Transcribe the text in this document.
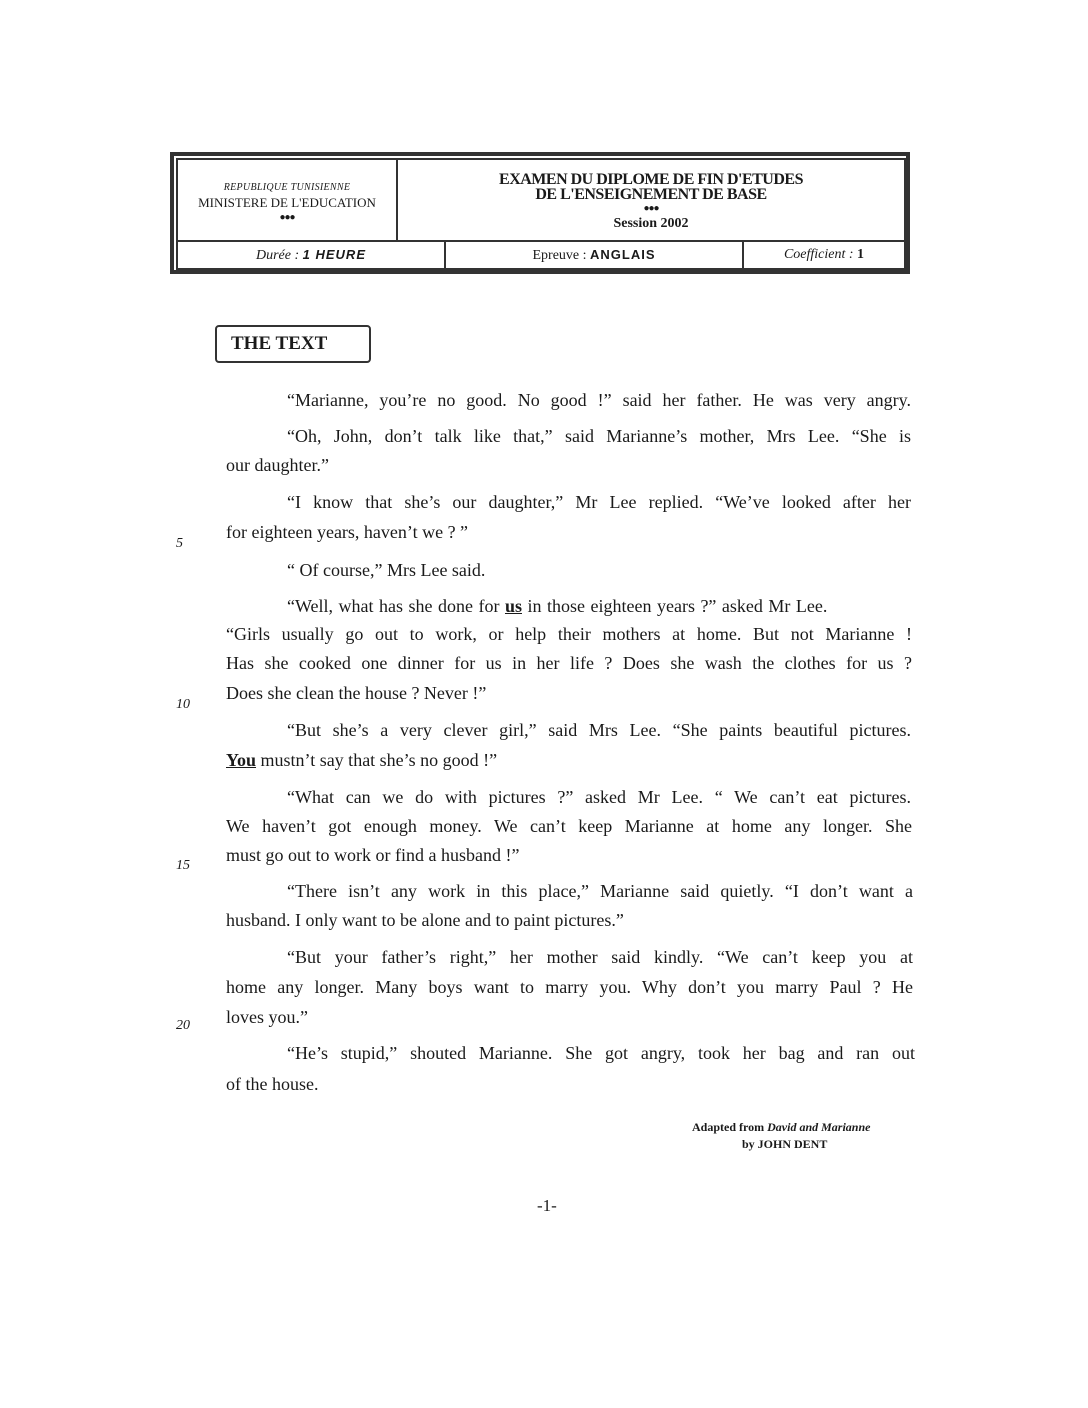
REPUBLIQUE TUNISIENNE
MINISTERE DE L'EDUCATION
●●●
EXAMEN DU DIPLOME DE FIN D'ETUDES
DE L'ENSEIGNEMENT DE BASE
●●●
Session 2002
Durée : 1 HEURE	Epreuve : ANGLAIS	Coefficient : 1
THE TEXT
“Marianne, you’re no good. No good !” said her father. He was very angry.
“Oh, John, don’t talk like that,” said Marianne’s mother, Mrs Lee. “She is
our daughter.”
“I know that she’s our daughter,” Mr Lee replied. “We’ve looked after her
for eighteen years, haven’t we ? ”
“ Of course,” Mrs Lee said.
“Well, what has she done for us in those eighteen years ?” asked Mr Lee.
“Girls usually go out to work, or help their mothers at home. But not Marianne !
Has she cooked one dinner for us in her life ? Does she wash the clothes for us ?
Does she clean the house ? Never !”
“But she’s a very clever girl,” said Mrs Lee. “She paints beautiful pictures.
You mustn’t say that she’s no good !”
“What can we do with pictures ?” asked Mr Lee. “ We can’t eat pictures.
We haven’t got enough money. We can’t keep Marianne at home any longer. She
must go out to work or find a husband !”
“There isn’t any work in this place,” Marianne said quietly. “I don’t want a
husband. I only want to be alone and to paint pictures.”
“But your father’s right,” her mother said kindly. “We can’t keep you at
home any longer. Many boys want to marry you. Why don’t you marry Paul ? He
loves you.”
“He’s stupid,” shouted Marianne. She got angry, took her bag and ran out
of the house.
5
10
15
20
Adapted from David and Marianne
by JOHN DENT
-1-
